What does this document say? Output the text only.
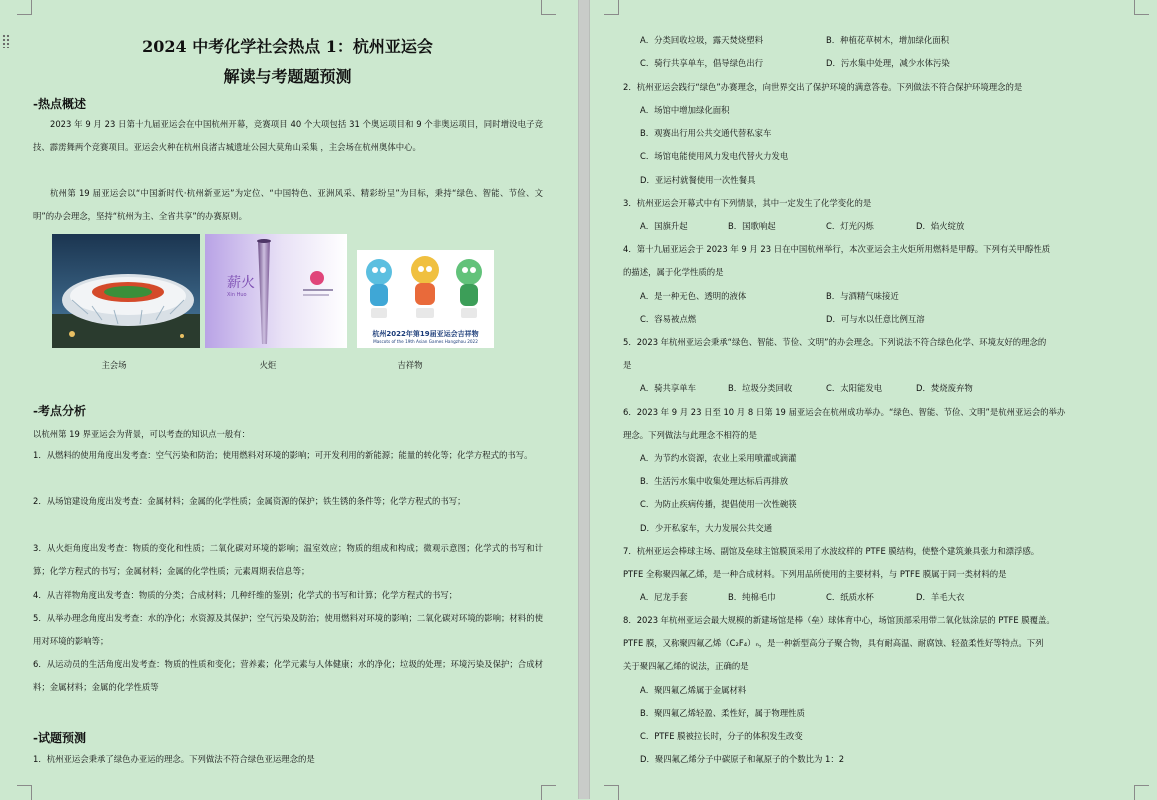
2024 中考化学社会热点 1：杭州亚运会
解读与考题题预测
-热点概述

2023 年 9 月 23 日第十九届亚运会在中国杭州开幕，竞赛项目 40 个大项包括 31 个奥运项目和 9 个非奥运项目，同时增设电子竞技、霹雳舞两个竞赛项目。亚运会火种在杭州良渚古城遗址公园大莫角山采集 ，主会场在杭州奥体中心。

杭州第 19 届亚运会以“中国新时代·杭州新亚运”为定位、“中国特色、亚洲风采、精彩纷呈”为目标，秉持“绿色、智能、节俭、文明”的办会理念，坚持“杭州为主、全省共享”的办赛原则。

薪火
Xin Huo
杭州2022年第19届亚运会吉祥物
Mascots of the 19th Asian Games Hangzhou 2022
主会场	火炬	吉祥物
-考点分析
以杭州第 19 界亚运会为背景，可以考查的知识点一般有：

1．从燃料的使用角度出发考查：空气污染和防治；使用燃料对环境的影响；可开发利用的新能源；能量的转化等；化学方程式的书写。

2．从场馆建设角度出发考查：金属材料；金属的化学性质；金属资源的保护；铁生锈的条件等；化学方程式的书写；

3．从火炬角度出发考查：物质的变化和性质；二氧化碳对环境的影响；温室效应；物质的组成和构成；微观示意图；化学式的书写和计算；化学方程式的书写；金属材料；金属的化学性质；元素周期表信息等；

4．从吉祥物角度出发考查：物质的分类；合成材料；几种纤维的鉴别；化学式的书写和计算；化学方程式的书写；

5．从举办理念角度出发考查：水的净化；水资源及其保护；空气污染及防治；使用燃料对环境的影响；二氧化碳对环境的影响；材料的使用对环境的影响等；

6．从运动员的生活角度出发考查：物质的性质和变化；营养素；化学元素与人体健康；水的净化；垃圾的处理；环境污染及保护；合成材料；金属材料；金属的化学性质等

-试题预测
1．杭州亚运会秉承了绿色办亚运的理念。下列做法不符合绿色亚运理念的是
A．分类回收垃圾，露天焚烧塑料	B．种植花草树木，增加绿化面积
C．骑行共享单车，倡导绿色出行	D．污水集中处理，减少水体污染
2．杭州亚运会践行“绿色”办赛理念，向世界交出了保护环境的满意答卷。下列做法不符合保护环境理念的是
A．场馆中增加绿化面积
B．观赛出行用公共交通代替私家车
C．场馆电能使用风力发电代替火力发电
D．亚运村就餐使用一次性餐具
3．杭州亚运会开幕式中有下列情景，其中一定发生了化学变化的是
A．国旗升起	B．国歌响起	C．灯光闪烁	D．焰火绽放
4．第十九届亚运会于 2023 年 9 月 23 日在中国杭州举行，本次亚运会主火炬所用燃料是甲醇。下列有关甲醇性质
的描述，属于化学性质的是
A．是一种无色、透明的液体	B．与酒精气味接近
C．容易被点燃	D．可与水以任意比例互溶
5．2023 年杭州亚运会秉承“绿色、智能、节俭、文明”的办会理念。下列说法不符合绿色化学、环境友好的理念的
是
A．骑共享单车	B．垃圾分类回收	C．太阳能发电	D．焚烧废弃物
6．2023 年 9 月 23 日至 10 月 8 日第 19 届亚运会在杭州成功举办。“绿色、智能、节俭、文明”是杭州亚运会的举办
理念。下列做法与此理念不相符的是
A．为节约水资源，农业上采用喷灌或滴灌
B．生活污水集中收集处理达标后再排放
C．为防止疾病传播，提倡使用一次性碗筷
D．少开私家车，大力发展公共交通
7．杭州亚运会棒球主场、副馆及垒球主馆膜顶采用了水波纹样的 PTFE 膜结构，使整个建筑兼具张力和漂浮感。
PTFE 全称聚四氟乙烯，是一种合成材料。下列用品所使用的主要材料，与 PTFE 膜属于同一类材料的是
A．尼龙手套	B．纯棉毛巾	C．纸质水杯	D．羊毛大衣
8．2023 年杭州亚运会最大规模的新建场馆是棒（垒）球体育中心，场馆顶部采用带二氧化钛涂层的 PTFE 膜覆盖。
PTFE 膜，又称聚四氟乙烯（C₂F₄）ₙ，是一种新型高分子聚合物，具有耐高温、耐腐蚀、轻盈柔性好等特点。下列
关于聚四氟乙烯的说法，正确的是
A．聚四氟乙烯属于金属材料
B．聚四氟乙烯轻盈、柔性好，属于物理性质
C．PTFE 膜被拉长时，分子的体积发生改变
D．聚四氟乙烯分子中碳原子和氟原子的个数比为 1：2
